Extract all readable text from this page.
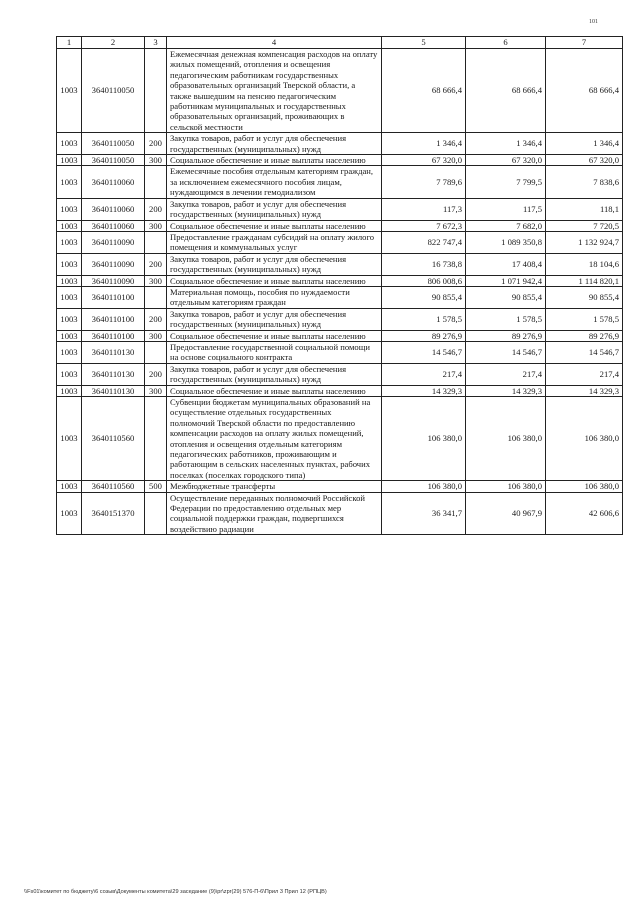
101
1	2	3	4	5	6	7
1003	3640110050		Ежемесячная денежная компенсация расходов на оплату жилых помещений, отопления и освещения педагогическим работникам государственных образовательных организаций Тверской области, а также вышедшим на пенсию педагогическим работникам муниципальных и государственных образовательных организаций, проживающих в сельской местности	68 666,4	68 666,4	68 666,4
1003	3640110050	200	Закупка товаров, работ и услуг для обеспечения государственных (муниципальных) нужд	1 346,4	1 346,4	1 346,4
1003	3640110050	300	Социальное обеспечение и иные выплаты населению	67 320,0	67 320,0	67 320,0
1003	3640110060		Ежемесячные пособия отдельным категориям граждан, за исключением ежемесячного пособия лицам, нуждающимся в лечении гемодиализом	7 789,6	7 799,5	7 838,6
1003	3640110060	200	Закупка товаров, работ и услуг для обеспечения государственных (муниципальных) нужд	117,3	117,5	118,1
1003	3640110060	300	Социальное обеспечение и иные выплаты населению	7 672,3	7 682,0	7 720,5
1003	3640110090		Предоставление гражданам субсидий на оплату жилого помещения и коммунальных услуг	822 747,4	1 089 350,8	1 132 924,7
1003	3640110090	200	Закупка товаров, работ и услуг для обеспечения государственных (муниципальных) нужд	16 738,8	17 408,4	18 104,6
1003	3640110090	300	Социальное обеспечение и иные выплаты населению	806 008,6	1 071 942,4	1 114 820,1
1003	3640110100		Материальная помощь, пособия по нуждаемости отдельным категориям граждан	90 855,4	90 855,4	90 855,4
1003	3640110100	200	Закупка товаров, работ и услуг для обеспечения государственных (муниципальных) нужд	1 578,5	1 578,5	1 578,5
1003	3640110100	300	Социальное обеспечение и иные выплаты населению	89 276,9	89 276,9	89 276,9
1003	3640110130		Предоставление государственной социальной помощи на основе социального контракта	14 546,7	14 546,7	14 546,7
1003	3640110130	200	Закупка товаров, работ и услуг для обеспечения государственных (муниципальных) нужд	217,4	217,4	217,4
1003	3640110130	300	Социальное обеспечение и иные выплаты населению	14 329,3	14 329,3	14 329,3
1003	3640110560		Субвенции бюджетам муниципальных образований на осуществление отдельных государственных полномочий Тверской области по предоставлению компенсации расходов на оплату жилых помещений, отопления и освещения отдельным категориям педагогических работников, проживающим и работающим в сельских населенных пунктах, рабочих поселках (поселках городского типа)	106 380,0	106 380,0	106 380,0
1003	3640110560	500	Межбюджетные трансферты	106 380,0	106 380,0	106 380,0
1003	3640151370		Осуществление переданных полномочий Российской Федерации по предоставлению отдельных мер социальной поддержки граждан, подвергшихся воздействию радиации	36 341,7	40 967,9	42 606,6
\\Fs01\комитет по бюджету\6 созыв\Документы комитета\29 заседание (9)\pr\zpr(29) 576-П-6\Прил 3 Прил 12 (РПЦВ)
